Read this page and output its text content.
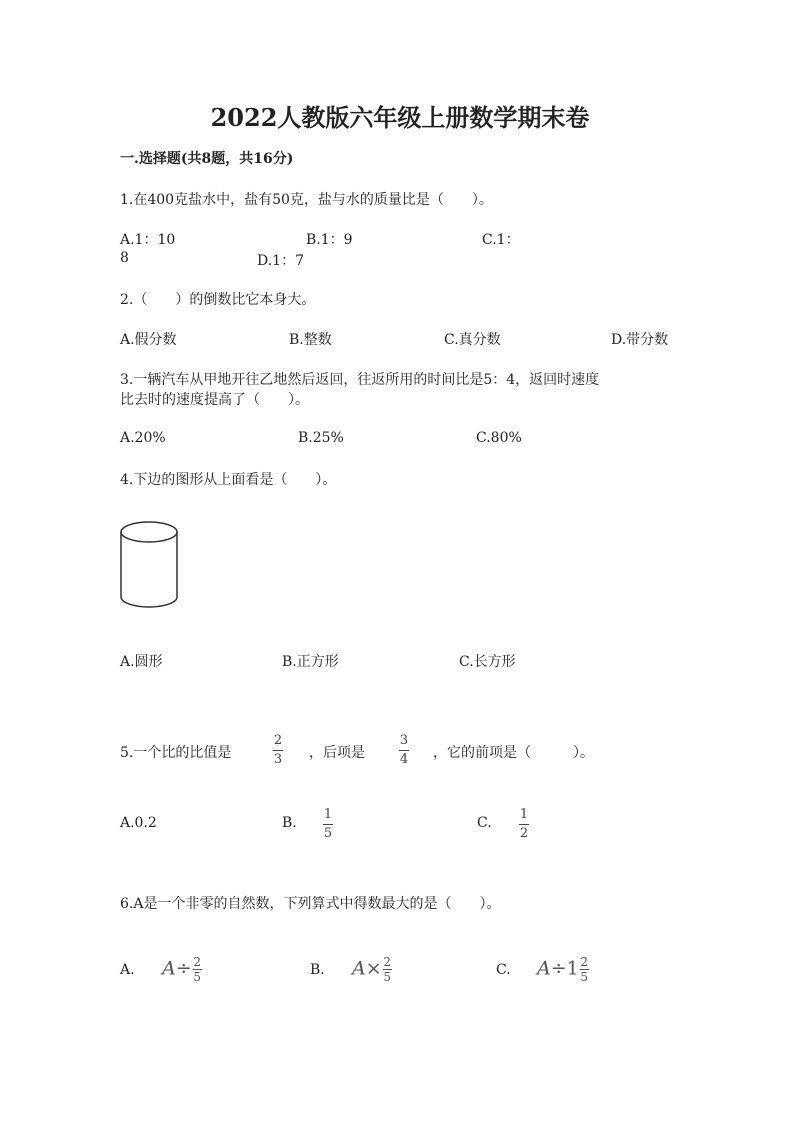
2022人教版六年级上册数学期末卷
一.选择题(共8题，共16分)
1.在400克盐水中，盐有50克，盐与水的质量比是（　　）。
A.1：10	B.1：9	C.1：
8	D.1：7
2.（　　）的倒数比它本身大。
A.假分数	B.整数	C.真分数	D.带分数
3.一辆汽车从甲地开往乙地然后返回，往返所用的时间比是5：4，返回时速度
比去时的速度提高了（　　）。
A.20%	B.25%	C.80%
4.下边的图形从上面看是（　　）。
A.圆形	B.正方形	C.长方形
5.一个比的比值是
2
3 ，后项是
3
4 ，它的前项是（　　　）。
A.0.2	B.
1
5
C.
1
2
6.A是一个非零的自然数，下列算式中得数最大的是（　　）。
A. $A\div \frac{2}{5}$	B. $A\times \frac{2}{5}$	C. $A\div 1 \frac{2}{5}$
